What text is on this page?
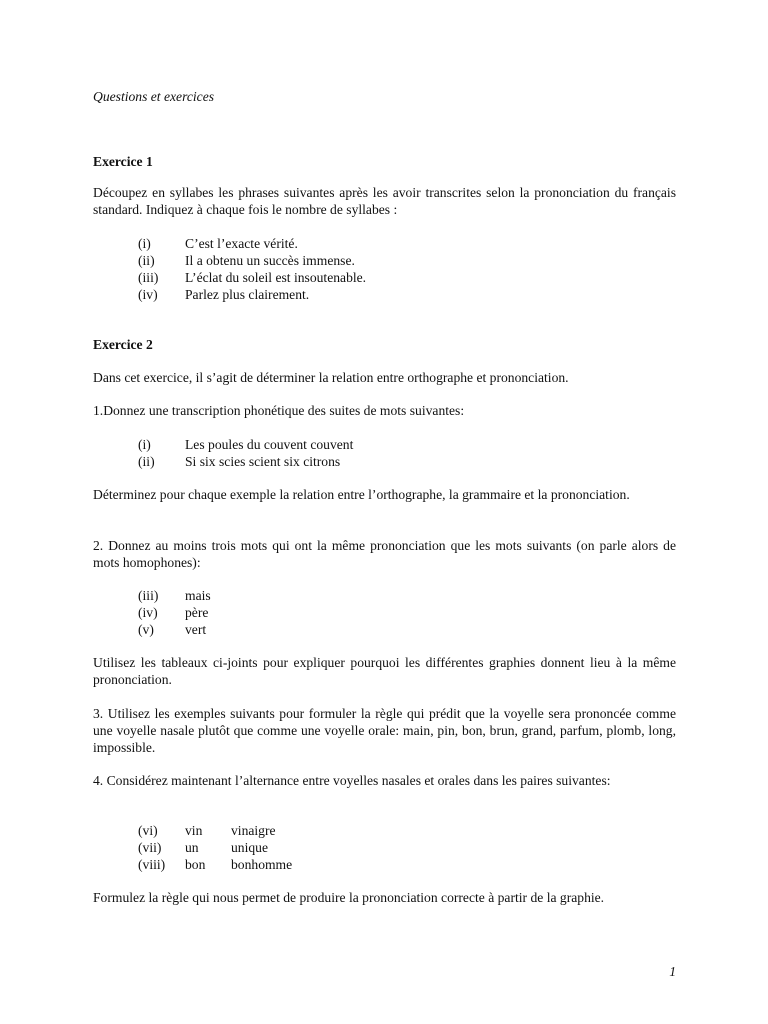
Questions et exercices

Exercice 1

Découpez en syllabes les phrases suivantes après les avoir transcrites selon la prononciation du français standard. Indiquez à chaque fois le nombre de syllabes :

(i)	C’est l’exacte vérité.
(ii) Il a obtenu un succès immense.
(iii) L’éclat du soleil est insoutenable.
(iv) Parlez plus clairement.

Exercice 2

Dans cet exercice, il s’agit de déterminer la relation entre orthographe et prononciation.

1.Donnez une transcription phonétique des suites de mots suivantes:

(i)	Les poules du couvent couvent
(ii) Si six scies scient six citrons

Déterminez pour chaque exemple la relation entre l’orthographe, la grammaire et la prononciation.

2. Donnez au moins trois mots qui ont la même prononciation que les mots suivants (on parle alors de mots homophones):

(iii) mais
(iv) père
(v) vert

Utilisez les tableaux ci-joints pour expliquer pourquoi les différentes graphies donnent lieu à la même prononciation.

3. Utilisez les exemples suivants pour formuler la règle qui prédit que la voyelle sera prononcée comme une voyelle nasale plutôt que comme une voyelle orale: main, pin, bon, brun, grand, parfum, plomb, long, impossible.

4. Considérez maintenant l’alternance entre voyelles nasales et orales dans les paires suivantes:

(vi) vin vinaigre
(vii) un unique
(viii) bon bonhomme

Formulez la règle qui nous permet de produire la prononciation correcte à partir de la graphie.

1
